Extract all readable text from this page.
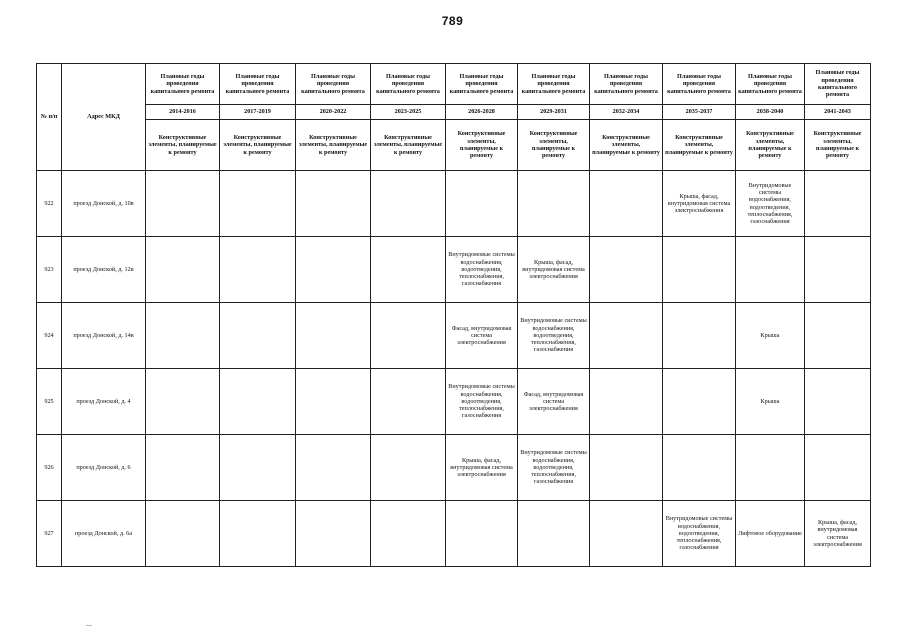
789
№ п/п	Адрес МКД	Плановые годы проведения капитального ремонта	Плановые годы проведения капитального ремонта	Плановые годы проведения капитального ремонта	Плановые годы проведения капитального ремонта	Плановые годы проведения капитального ремонта	Плановые годы проведения капитального ремонта	Плановые годы проведения капитального ремонта	Плановые годы проведения капитального ремонта	Плановые годы проведения капитального ремонта	Плановые годы проведения капитального ремонта
		2014-2016	2017-2019	2020-2022	2023-2025	2026-2028	2029-2031	2032-2034	2035-2037	2038-2040	2041-2043
		Конструктивные элементы, планируемые к ремонту	Конструктивные элементы, планируемые к ремонту	Конструктивные элементы, планируемые к ремонту	Конструктивные элементы, планируемые к ремонту	Конструктивные элементы, планируемые к ремонту	Конструктивные элементы, планируемые к ремонту	Конструктивные элементы, планируемые к ремонту	Конструктивные элементы, планируемые к ремонту	Конструктивные элементы, планируемые к ремонту	Конструктивные элементы, планируемые к ремонту
922	проезд Донской, д. 10в								Крыша, фасад, внутридомовая система электроснабжения	Внутридомовые системы водоснабжения, водоотведения, теплоснабжения, газоснабжения	
923	проезд Донской, д. 12в					Внутридомовые системы водоснабжения, водоотведения, теплоснабжения, газоснабжения	Крыша, фасад, внутридомовая система электроснабжения				
924	проезд Донской, д. 14в					Фасад, внутридомовая система электроснабжения	Внутридомовые системы водоснабжения, водоотведения, теплоснабжения, газоснабжения			Крыша	
925	проезд Донской, д. 4					Внутридомовые системы водоснабжения, водоотведения, теплоснабжения, газоснабжения	Фасад, внутридомовая система электроснабжения			Крыша	
926	проезд Донской, д. 6					Крыша, фасад, внутридомовая система электроснабжения	Внутридомовые системы водоснабжения, водоотведения, теплоснабжения, газоснабжения				
927	проезд Донской, д. 6а								Внутридомовые системы водоснабжения, водоотведения, теплоснабжения, газоснабжения	Лифтовое оборудование	Крыша, фасад, внутридомовая система электроснабжения
